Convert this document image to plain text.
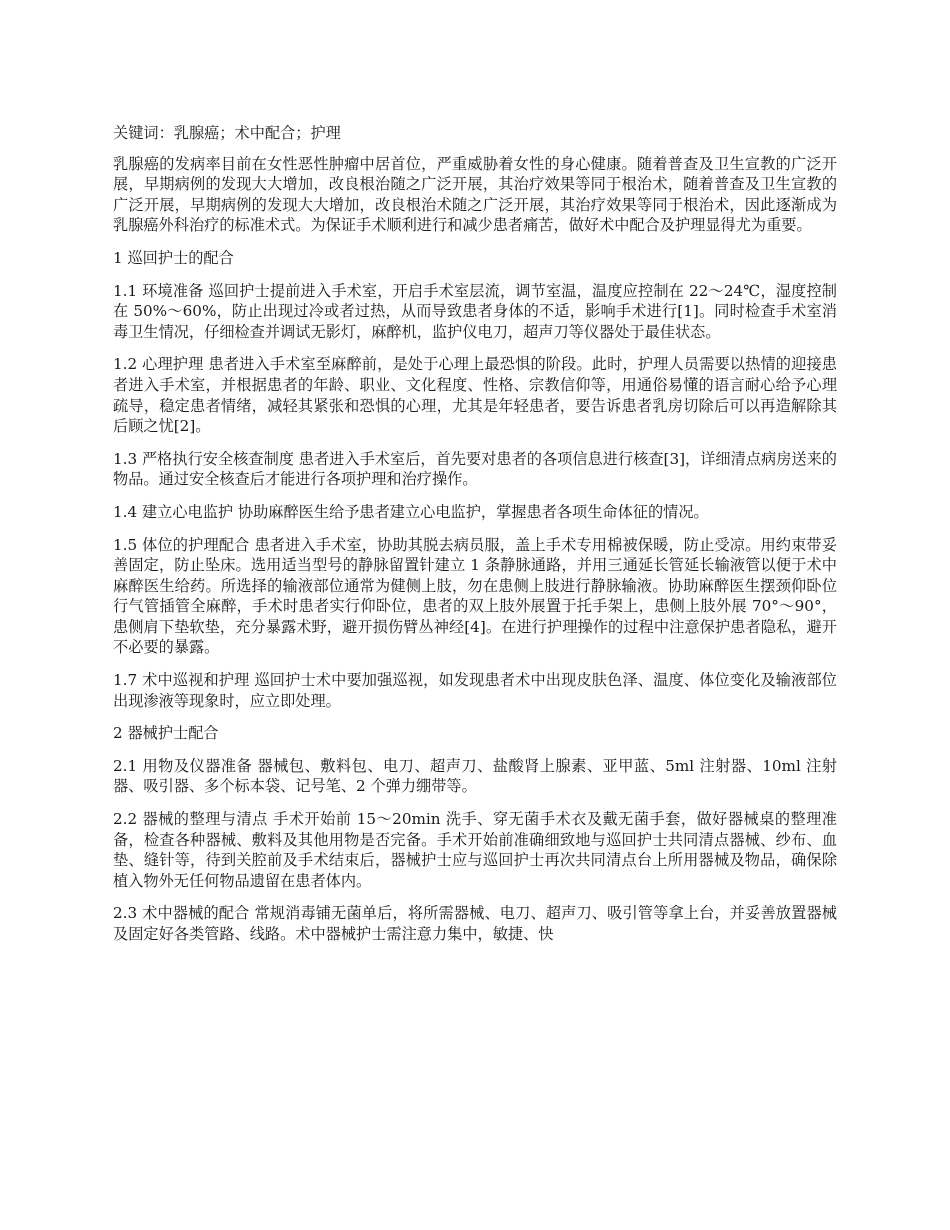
关键词：乳腺癌；术中配合；护理

乳腺癌的发病率目前在女性恶性肿瘤中居首位，严重威胁着女性的身心健康。随着普查及卫生宣教的广泛开展，早期病例的发现大大增加，改良根治随之广泛开展，其治疗效果等同于根治术，随着普查及卫生宣教的广泛开展，早期病例的发现大大增加，改良根治术随之广泛开展，其治疗效果等同于根治术，因此逐渐成为乳腺癌外科治疗的标准术式。为保证手术顺利进行和减少患者痛苦，做好术中配合及护理显得尤为重要。

1 巡回护士的配合

1.1 环境准备 巡回护士提前进入手术室，开启手术室层流，调节室温，温度应控制在 22～24℃，湿度控制在 50%～60%，防止出现过冷或者过热，从而导致患者身体的不适，影响手术进行[1]。同时检查手术室消毒卫生情况，仔细检查并调试无影灯，麻醉机，监护仪电刀，超声刀等仪器处于最佳状态。

1.2 心理护理 患者进入手术室至麻醉前，是处于心理上最恐惧的阶段。此时，护理人员需要以热情的迎接患者进入手术室，并根据患者的年龄、职业、文化程度、性格、宗教信仰等，用通俗易懂的语言耐心给予心理疏导，稳定患者情绪，减轻其紧张和恐惧的心理，尤其是年轻患者，要告诉患者乳房切除后可以再造解除其后顾之忧[2]。

1.3 严格执行安全核查制度 患者进入手术室后，首先要对患者的各项信息进行核查[3]，详细清点病房送来的物品。通过安全核查后才能进行各项护理和治疗操作。

1.4 建立心电监护 协助麻醉医生给予患者建立心电监护，掌握患者各项生命体征的情况。

1.5 体位的护理配合 患者进入手术室，协助其脱去病员服，盖上手术专用棉被保暖，防止受凉。用约束带妥善固定，防止坠床。选用适当型号的静脉留置针建立 1 条静脉通路，并用三通延长管延长输液管以便于术中麻醉医生给药。所选择的输液部位通常为健侧上肢，勿在患侧上肢进行静脉输液。协助麻醉医生摆颈仰卧位行气管插管全麻醉，手术时患者实行仰卧位，患者的双上肢外展置于托手架上，患侧上肢外展 70°～90°，患侧肩下垫软垫，充分暴露术野，避开损伤臂丛神经[4]。在进行护理操作的过程中注意保护患者隐私，避开不必要的暴露。

1.7 术中巡视和护理 巡回护士术中要加强巡视，如发现患者术中出现皮肤色泽、温度、体位变化及输液部位出现渗液等现象时，应立即处理。

2 器械护士配合

2.1 用物及仪器准备 器械包、敷料包、电刀、超声刀、盐酸肾上腺素、亚甲蓝、5ml 注射器、10ml 注射器、吸引器、多个标本袋、记号笔、2 个弹力绷带等。

2.2 器械的整理与清点 手术开始前 15～20min 洗手、穿无菌手术衣及戴无菌手套，做好器械桌的整理准备，检查各种器械、敷料及其他用物是否完备。手术开始前准确细致地与巡回护士共同清点器械、纱布、血垫、缝针等，待到关腔前及手术结束后，器械护士应与巡回护士再次共同清点台上所用器械及物品，确保除植入物外无任何物品遗留在患者体内。

2.3 术中器械的配合 常规消毒铺无菌单后，将所需器械、电刀、超声刀、吸引管等拿上台，并妥善放置器械及固定好各类管路、线路。术中器械护士需注意力集中，敏捷、快
